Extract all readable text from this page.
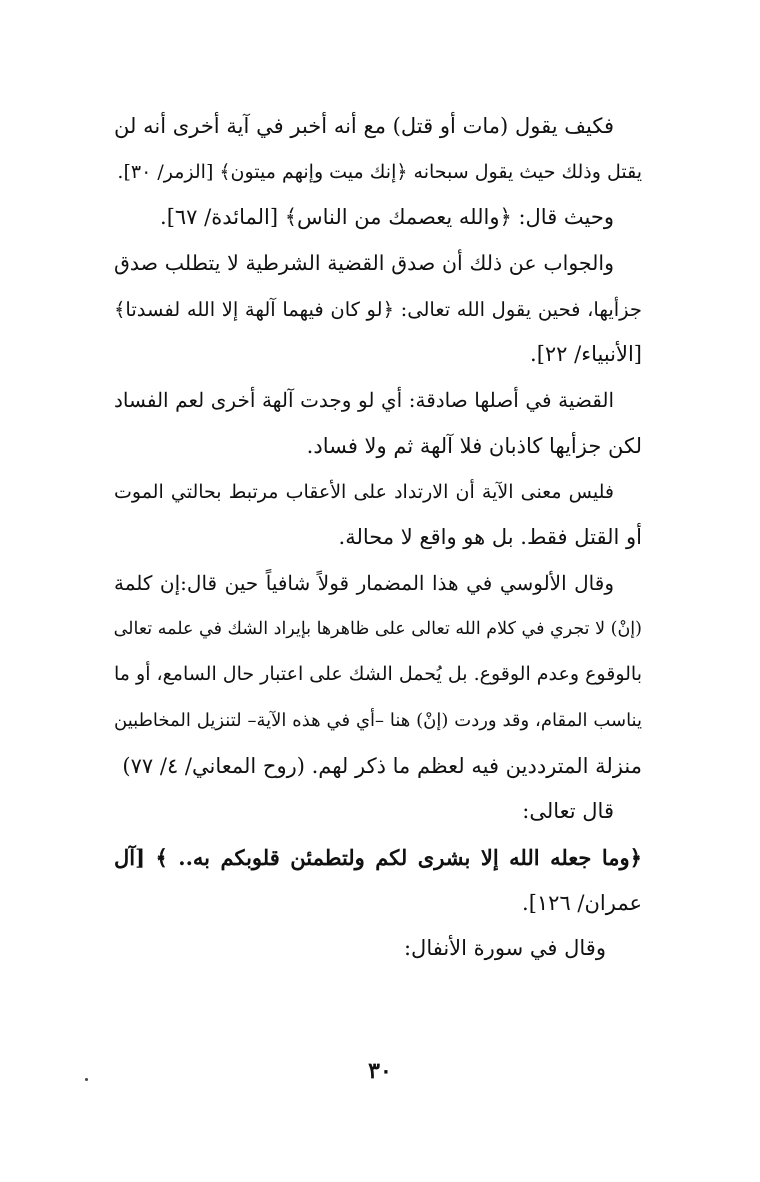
فكيف يقول (مات أو قتل) مع أنه أخبر في آية أخرى أنه لن
يقتل وذلك حيث يقول سبحانه ﴿إنك ميت وإنهم ميتون﴾ [الزمر/ ٣٠].
وحيث قال: ﴿والله يعصمك من الناس﴾ [المائدة/ ٦٧].
والجواب عن ذلك أن صدق القضية الشرطية لا يتطلب صدق
جزأيها، فحين يقول الله تعالى: ﴿لو كان فيهما آلهة إلا الله لفسدتا﴾
[الأنبياء/ ٢٢].
القضية في أصلها صادقة: أي لو وجدت آلهة أخرى لعم الفساد
لكن جزأيها كاذبان فلا آلهة ثم ولا فساد.
فليس معنى الآية أن الارتداد على الأعقاب مرتبط بحالتي الموت
أو القتل فقط. بل هو واقع لا محالة.
وقال الألوسي في هذا المضمار قولاً شافياً حين قال:إن كلمة
(إنْ) لا تجري في كلام الله تعالى على ظاهرها بإيراد الشك في علمه تعالى
بالوقوع وعدم الوقوع. بل يُحمل الشك على اعتبار حال السامع، أو ما
يناسب المقام، وقد وردت (إنْ) هنا –أي في هذه الآية– لتنزيل المخاطبين
منزلة المترددين فيه لعظم ما ذكر لهم. (روح المعاني/ ٤/ ٧٧)
قال تعالى:
﴿وما جعله الله إلا بشرى لكم ولتطمئن قلوبكم به.. ﴾ [آل
عمران/ ١٢٦].
وقال في سورة الأنفال:
٣٠
